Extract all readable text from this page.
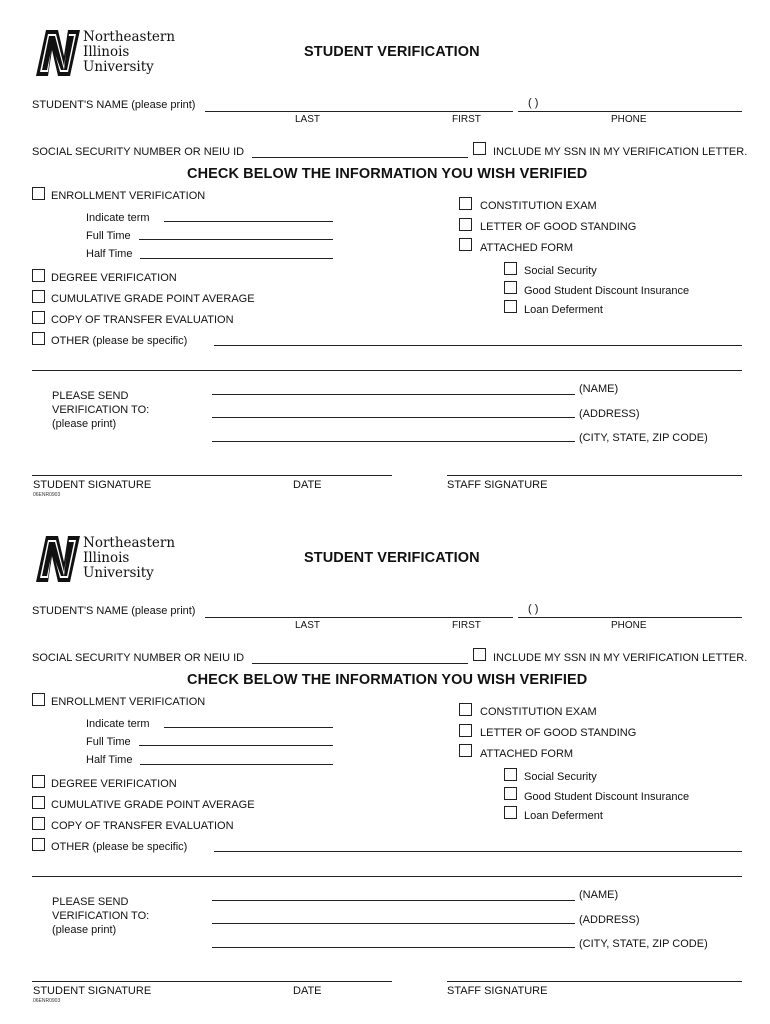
Northeastern
Illinois
University
STUDENT VERIFICATION
STUDENT'S NAME (please print)	( )
LAST	FIRST	PHONE
SOCIAL SECURITY NUMBER OR NEIU ID	INCLUDE MY SSN IN MY VERIFICATION LETTER.
CHECK BELOW THE INFORMATION YOU WISH VERIFIED
ENROLLMENT VERIFICATION
Indicate term
Full Time
Half Time
DEGREE VERIFICATION
CUMULATIVE GRADE POINT AVERAGE
COPY OF TRANSFER EVALUATION
OTHER (please be specific)
CONSTITUTION EXAM
LETTER OF GOOD STANDING
ATTACHED FORM
Social Security
Good Student Discount Insurance
Loan Deferment
PLEASE SEND
VERIFICATION TO:
(please print)
(NAME)
(ADDRESS)
(CITY, STATE, ZIP CODE)
STUDENT SIGNATURE	DATE	STAFF SIGNATURE
06ENR0903
Northeastern
Illinois
University
STUDENT VERIFICATION
STUDENT'S NAME (please print)	( )
LAST	FIRST	PHONE
SOCIAL SECURITY NUMBER OR NEIU ID	INCLUDE MY SSN IN MY VERIFICATION LETTER.
CHECK BELOW THE INFORMATION YOU WISH VERIFIED
ENROLLMENT VERIFICATION
Indicate term
Full Time
Half Time
DEGREE VERIFICATION
CUMULATIVE GRADE POINT AVERAGE
COPY OF TRANSFER EVALUATION
OTHER (please be specific)
CONSTITUTION EXAM
LETTER OF GOOD STANDING
ATTACHED FORM
Social Security
Good Student Discount Insurance
Loan Deferment
PLEASE SEND
VERIFICATION TO:
(please print)
(NAME)
(ADDRESS)
(CITY, STATE, ZIP CODE)
STUDENT SIGNATURE	DATE	STAFF SIGNATURE
06ENR0903
